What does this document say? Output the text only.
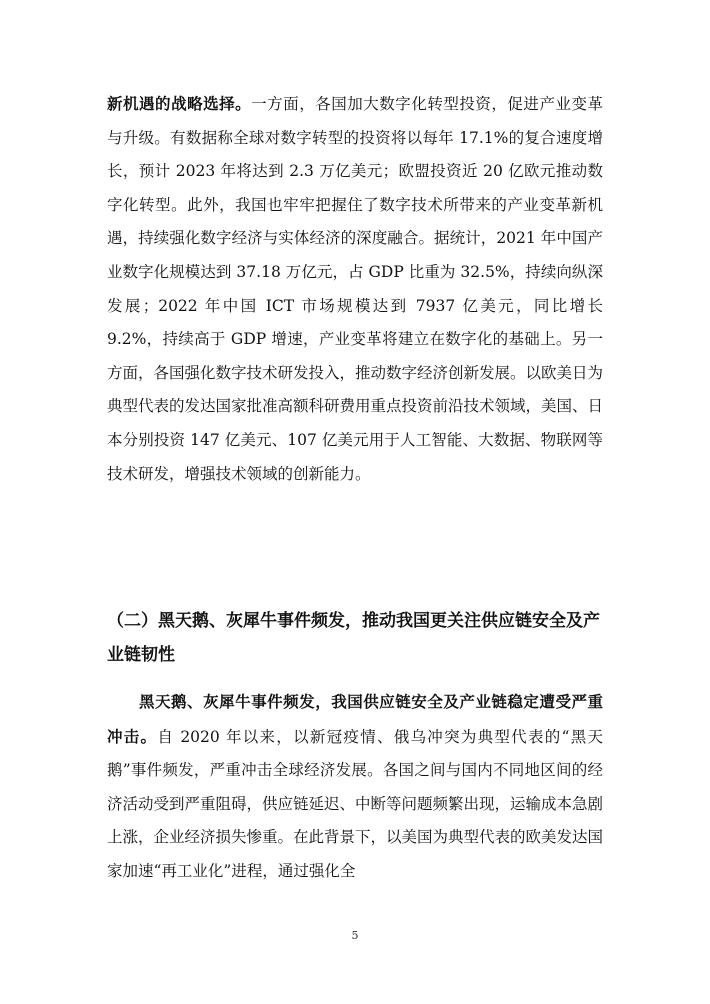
新机遇的战略选择。一方面，各国加大数字化转型投资，促进产业变革与升级。有数据称全球对数字转型的投资将以每年 17.1%的复合速度增长，预计 2023 年将达到 2.3 万亿美元；欧盟投资近 20 亿欧元推动数字化转型。此外，我国也牢牢把握住了数字技术所带来的产业变革新机遇，持续强化数字经济与实体经济的深度融合。据统计，2021 年中国产业数字化规模达到 37.18 万亿元，占 GDP 比重为 32.5%，持续向纵深发展；2022 年中国 ICT 市场规模达到 7937 亿美元，同比增长 9.2%，持续高于 GDP 增速，产业变革将建立在数字化的基础上。另一方面，各国强化数字技术研发投入，推动数字经济创新发展。以欧美日为典型代表的发达国家批准高额科研费用重点投资前沿技术领域，美国、日本分别投资 147 亿美元、107 亿美元用于人工智能、大数据、物联网等技术研发，增强技术领域的创新能力。

（二）黑天鹅、灰犀牛事件频发，推动我国更关注供应链安全及产业链韧性

黑天鹅、灰犀牛事件频发，我国供应链安全及产业链稳定遭受严重冲击。自 2020 年以来，以新冠疫情、俄乌冲突为典型代表的“黑天鹅”事件频发，严重冲击全球经济发展。各国之间与国内不同地区间的经济活动受到严重阻碍，供应链延迟、中断等问题频繁出现，运输成本急剧上涨，企业经济损失惨重。在此背景下，以美国为典型代表的欧美发达国家加速“再工业化”进程，通过强化全

5
